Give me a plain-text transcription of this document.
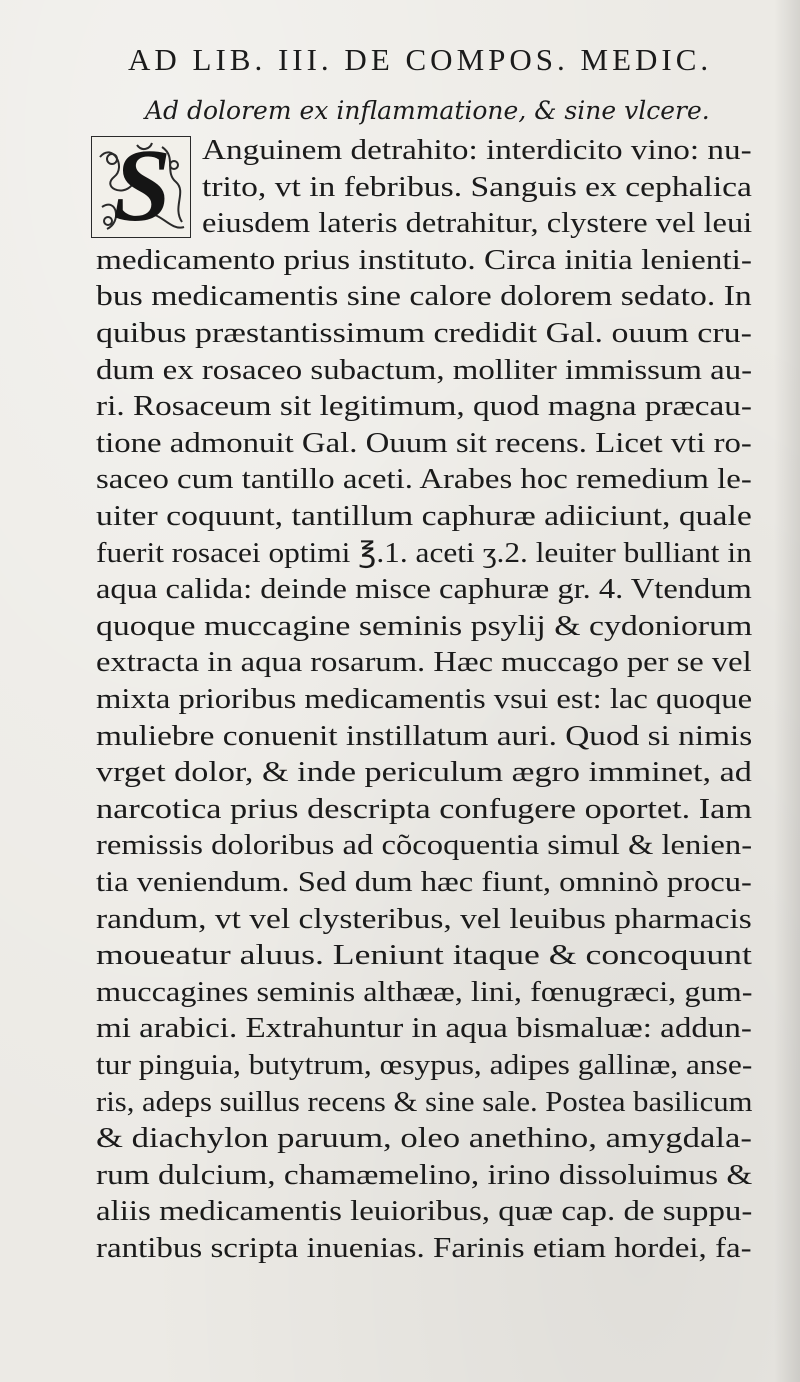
AD LIB. III. DE COMPOS. MEDIC.
Ad dolorem ex inflammatione, & sine vlcere.
S	Anguinem detrahito: interdicito vino: nu-
trito, vt in febribus. Sanguis ex cephalica
eiusdem lateris detrahitur, clystere vel leui
medicamento prius instituto. Circa initia lenienti-
bus medicamentis sine calore dolorem sedato. In
quibus præstantissimum credidit Gal. ouum cru-
dum ex rosaceo subactum, molliter immissum au-
ri. Rosaceum sit legitimum, quod magna præcau-
tione admonuit Gal. Ouum sit recens. Licet vti ro-
saceo cum tantillo aceti. Arabes hoc remedium le-
uiter coquunt, tantillum caphuræ adiiciunt, quale
fuerit rosacei optimi ℥.1. aceti ʒ.2. leuiter bulliant in
aqua calida: deinde misce caphuræ gr. 4. Vtendum
quoque muccagine seminis psylij & cydoniorum
extracta in aqua rosarum. Hæc muccago per se vel
mixta prioribus medicamentis vsui est: lac quoque
muliebre conuenit instillatum auri. Quod si nimis
vrget dolor, & inde periculum ægro imminet, ad
narcotica prius descripta confugere oportet. Iam
remissis doloribus ad cõcoquentia simul & lenien-
tia veniendum. Sed dum hæc fiunt, omninò procu-
randum, vt vel clysteribus, vel leuibus pharmacis
moueatur aluus. Leniunt itaque & concoquunt
muccagines seminis althææ, lini, fœnugræci, gum-
mi arabici. Extrahuntur in aqua bismaluæ: addun-
tur pinguia, butytrum, œsypus, adipes gallinæ, anse-
ris, adeps suillus recens & sine sale. Postea basilicum
& diachylon paruum, oleo anethino, amygdala-
rum dulcium, chamæmelino, irino dissoluimus &
aliis medicamentis leuioribus, quæ cap. de suppu-
rantibus scripta inuenias. Farinis etiam hordei, fa-
